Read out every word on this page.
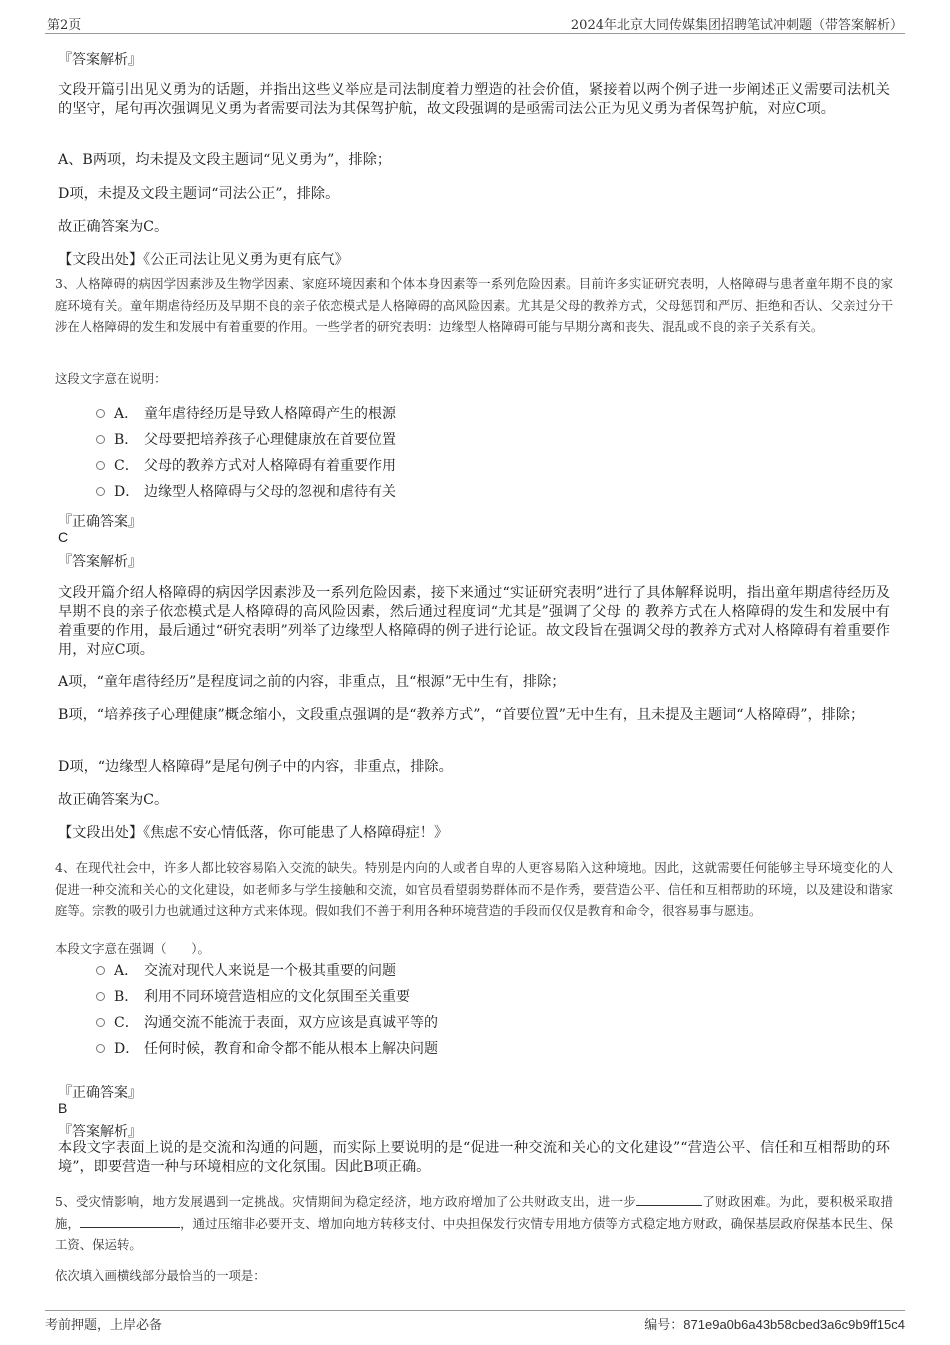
第2页	2024年北京大同传媒集团招聘笔试冲刺题（带答案解析）
『答案解析』
文段开篇引出见义勇为的话题，并指出这些义举应是司法制度着力塑造的社会价值，紧接着以两个例子进一步阐述正义需要司法机关的坚守，尾句再次强调见义勇为者需要司法为其保驾护航，故文段强调的是亟需司法公正为见义勇为者保驾护航，对应C项。
A、B两项，均未提及文段主题词“见义勇为”，排除；
D项，未提及文段主题词“司法公正”，排除。
故正确答案为C。
【文段出处】《公正司法让见义勇为更有底气》
3、人格障碍的病因学因素涉及生物学因素、家庭环境因素和个体本身因素等一系列危险因素。目前许多实证研究表明，人格障碍与患者童年期不良的家庭环境有关。童年期虐待经历及早期不良的亲子依恋模式是人格障碍的高风险因素。尤其是父母的教养方式，父母惩罚和严厉、拒绝和否认、父亲过分干涉在人格障碍的发生和发展中有着重要的作用。一些学者的研究表明：边缘型人格障碍可能与早期分离和丧失、混乱或不良的亲子关系有关。
这段文字意在说明：
A． 童年虐待经历是导致人格障碍产生的根源
B． 父母要把培养孩子心理健康放在首要位置
C． 父母的教养方式对人格障碍有着重要作用
D． 边缘型人格障碍与父母的忽视和虐待有关
『正确答案』
C
『答案解析』
文段开篇介绍人格障碍的病因学因素涉及一系列危险因素，接下来通过“实证研究表明”进行了具体解释说明，指出童年期虐待经历及早期不良的亲子依恋模式是人格障碍的高风险因素，然后通过程度词“尤其是”强调了父母 的 教养方式在人格障碍的发生和发展中有着重要的作用，最后通过“研究表明”列举了边缘型人格障碍的例子进行论证。故文段旨在强调父母的教养方式对人格障碍有着重要作用，对应C项。
A项，“童年虐待经历”是程度词之前的内容，非重点，且“根源”无中生有，排除；
B项，“培养孩子心理健康”概念缩小，文段重点强调的是“教养方式”，“首要位置”无中生有，且未提及主题词“人格障碍”，排除；
D项，“边缘型人格障碍”是尾句例子中的内容，非重点，排除。
故正确答案为C。
【文段出处】《焦虑不安心情低落，你可能患了人格障碍症！》
4、在现代社会中，许多人都比较容易陷入交流的缺失。特别是内向的人或者自卑的人更容易陷入这种境地。因此，这就需要任何能够主导环境变化的人促进一种交流和关心的文化建设，如老师多与学生接触和交流，如官员看望弱势群体而不是作秀，要营造公平、信任和互相帮助的环境，以及建设和谐家庭等。宗教的吸引力也就通过这种方式来体现。假如我们不善于利用各种环境营造的手段而仅仅是教育和命令，很容易事与愿违。
本段文字意在强调（　　）。
A． 交流对现代人来说是一个极其重要的问题
B． 利用不同环境营造相应的文化氛围至关重要
C． 沟通交流不能流于表面，双方应该是真诚平等的
D． 任何时候，教育和命令都不能从根本上解决问题
『正确答案』
B
『答案解析』
本段文字表面上说的是交流和沟通的问题，而实际上要说明的是“促进一种交流和关心的文化建设”“营造公平、信任和互相帮助的环境”，即要营造一种与环境相应的文化氛围。因此B项正确。
5、受灾情影响，地方发展遇到一定挑战。灾情期间为稳定经济，地方政府增加了公共财政支出，进一步	了财政困难。为此，要积极采取措施，	，通过压缩非必要开支、增加向地方转移支付、中央担保发行灾情专用地方债等方式稳定地方财政，确保基层政府保基本民生、保工资、保运转。
依次填入画横线部分最恰当的一项是：
考前押题，上岸必备	编号：871e9a0b6a43b58cbed3a6c9b9ff15c4
